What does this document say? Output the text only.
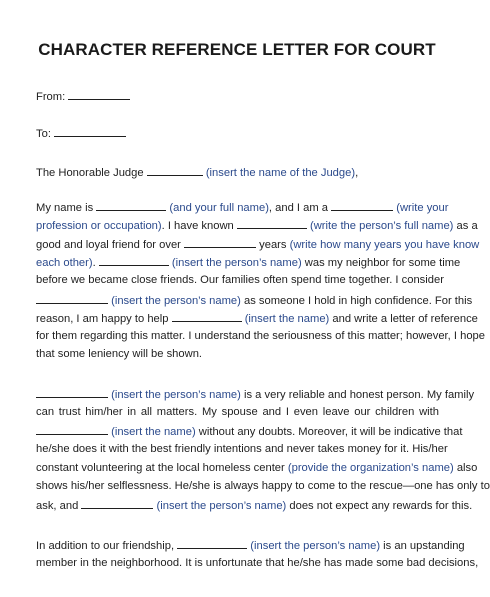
CHARACTER REFERENCE LETTER FOR COURT
From:
To:
The Honorable Judge	(insert the name of the Judge),
My name is	(and your full name), and I am a	(write your
profession or occupation). I have known	(write the person’s full name) as a
good and loyal friend for over	years (write how many years you have know
each other).	(insert the person’s name) was my neighbor for some time
before we became close friends. Our families often spend time together. I consider
(insert the person’s name) as someone I hold in high confidence. For this
reason, I am happy to help	(insert the name) and write a letter of reference
for them regarding this matter. I understand the seriousness of this matter; however, I hope
that some leniency will be shown.
(insert the person’s name) is a very reliable and honest person. My family
can trust him/her in all matters. My spouse and I even leave our children with
(insert the name) without any doubts. Moreover, it will be indicative that
he/she does it with the best friendly intentions and never takes money for it. His/her
constant volunteering at the local homeless center (provide the organization’s name) also
shows his/her selflessness. He/she is always happy to come to the rescue—one has only to
ask, and	(insert the person’s name) does not expect any rewards for this.
In addition to our friendship,	(insert the person’s name) is an upstanding
member in the neighborhood. It is unfortunate that he/she has made some bad decisions,
